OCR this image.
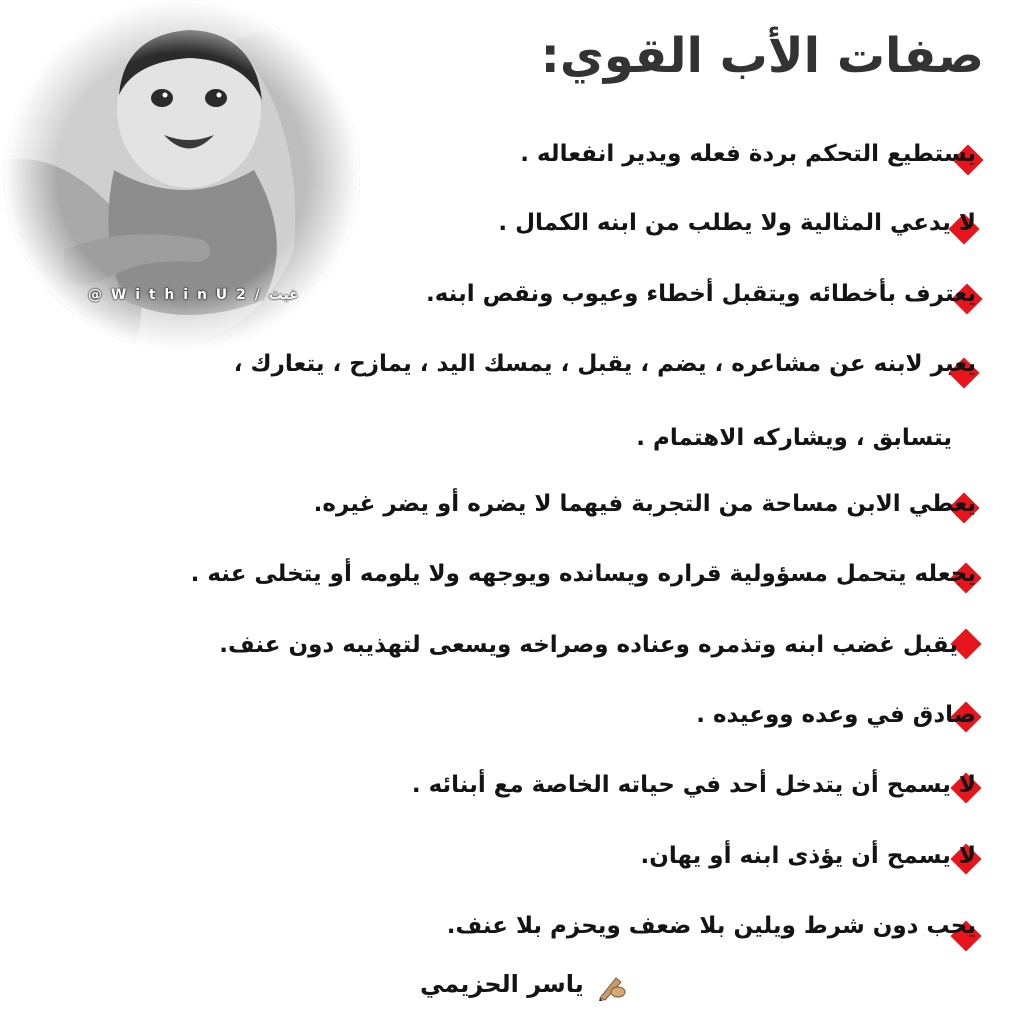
@ W i t h i n U 2 / غيث
صفات الأب القوي:
يستطيع التحكم بردة فعله ويدير انفعاله .
لا يدعي المثالية ولا يطلب من ابنه الكمال .
يعترف بأخطائه ويتقبل أخطاء وعيوب ونقص ابنه.
يعبر لابنه عن مشاعره ، يضم ، يقبل ، يمسك اليد ، يمازح ، يتعارك ،
يتسابق ، ويشاركه الاهتمام .
يعطي الابن مساحة من التجربة فيهما لا يضره أو يضر غيره.
يجعله يتحمل مسؤولية قراره ويسانده ويوجهه ولا يلومه أو يتخلى عنه .
يقبل غضب ابنه وتذمره وعناده وصراخه ويسعى لتهذيبه دون عنف.
صادق في وعده ووعيده .
لا يسمح أن يتدخل أحد في حياته الخاصة مع أبنائه .
لا يسمح أن يؤذى ابنه أو يهان.
يحب دون شرط ويلين بلا ضعف ويحزم بلا عنف.
ياسر الحزيمي
